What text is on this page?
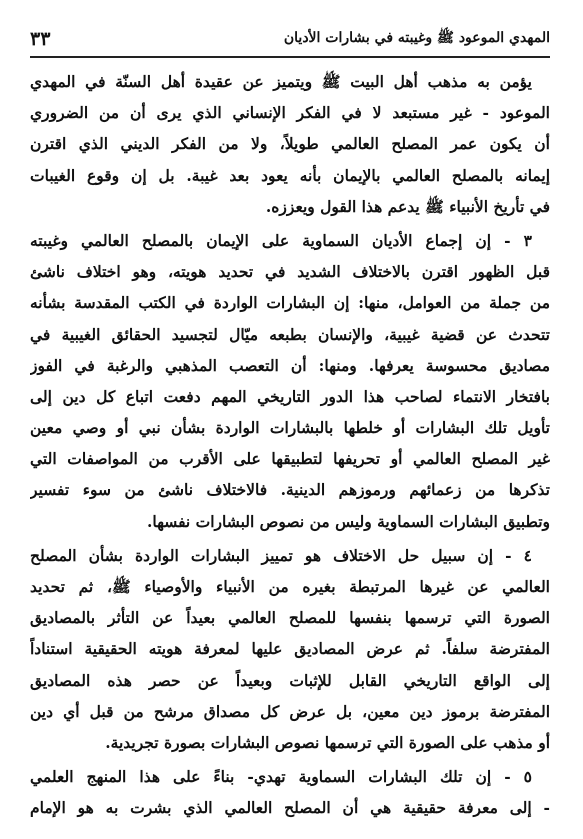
المهدي الموعود ﷺ وغيبته في بشارات الأديان
٣٣
يؤمن به مذهب أهل البيت ﷺ ويتميز عن عقيدة أهل السنّة في المهدي
الموعود - غير مستبعد لا في الفكر الإنساني الذي يرى أن من الضروري
أن يكون عمر المصلح العالمي طويلاً، ولا من الفكر الديني الذي اقترن
إيمانه بالمصلح العالمي بالإيمان بأنه يعود بعد غيبة. بل إن وقوع الغيبات
في تأريخ الأنبياء ﷺ يدعم هذا القول ويعززه.
٣ - إن إجماع الأديان السماوية على الإيمان بالمصلح العالمي وغيبته
قبل الظهور اقترن بالاختلاف الشديد في تحديد هويته، وهو اختلاف ناشئ
من جملة من العوامل، منها: إن البشارات الواردة في الكتب المقدسة بشأنه
تتحدث عن قضية غيبية، والإنسان بطبعه ميّال لتجسيد الحقائق الغيبية في
مصاديق محسوسة يعرفها. ومنها: أن التعصب المذهبي والرغبة في الفوز
بافتخار الانتماء لصاحب هذا الدور التاريخي المهم دفعت اتباع كل دين إلى
تأويل تلك البشارات أو خلطها بالبشارات الواردة بشأن نبي أو وصي معين
غير المصلح العالمي أو تحريفها لتطبيقها على الأقرب من المواصفات التي
تذكرها من زعمائهم ورموزهم الدينية. فالاختلاف ناشئ من سوء تفسير
وتطبيق البشارات السماوية وليس من نصوص البشارات نفسها.
٤ - إن سبيل حل الاختلاف هو تمييز البشارات الواردة بشأن المصلح
العالمي عن غيرها المرتبطة بغيره من الأنبياء والأوصياء ﷺ، ثم تحديد
الصورة التي ترسمها بنفسها للمصلح العالمي بعيداً عن التأثر بالمصاديق
المفترضة سلفاً. ثم عرض المصاديق عليها لمعرفة هويته الحقيقية استناداً
إلى الواقع التاريخي القابل للإثبات وبعيداً عن حصر هذه المصاديق
المفترضة برموز دين معين، بل عرض كل مصداق مرشح من قبل أي دين
أو مذهب على الصورة التي ترسمها نصوص البشارات بصورة تجريدية.
٥ - إن تلك البشارات السماوية تهدي- بناءً على هذا المنهج العلمي
- إلى معرفة حقيقية هي أن المصلح العالمي الذي بشرت به هو الإمام
